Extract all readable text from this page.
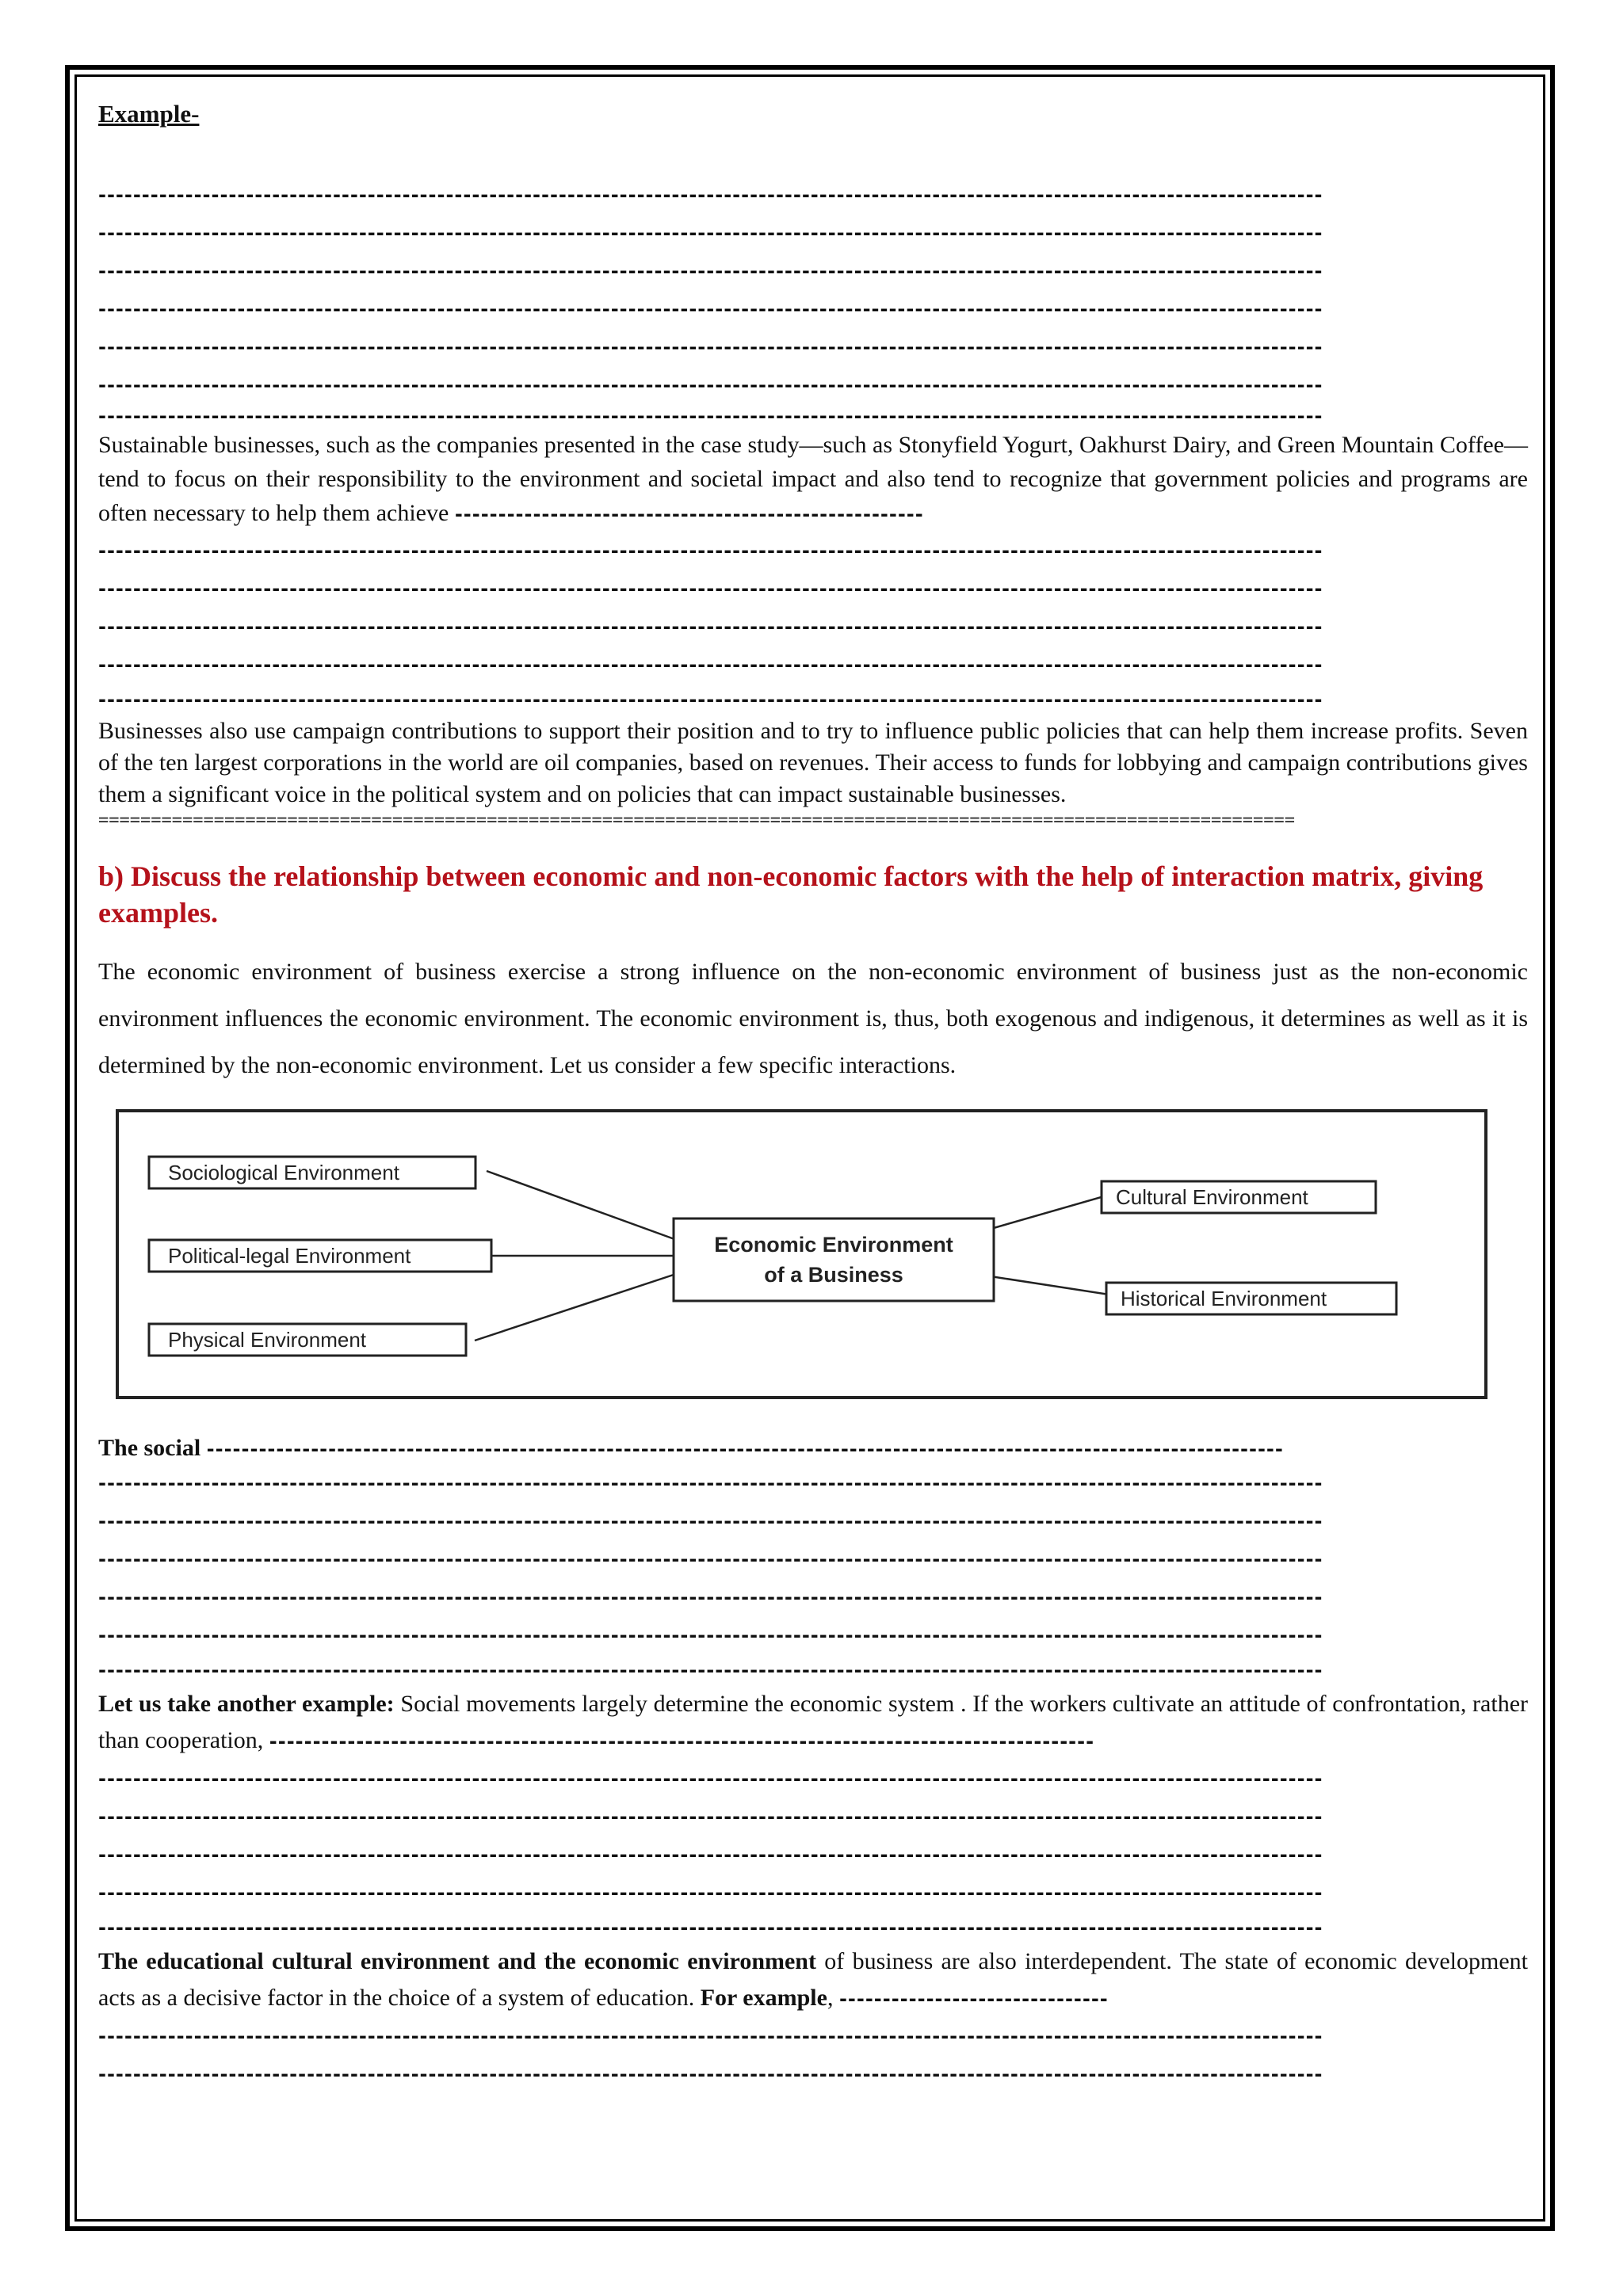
Example-

---------------------------------------------------------------------------------------------------------------------------------------------
---------------------------------------------------------------------------------------------------------------------------------------------
---------------------------------------------------------------------------------------------------------------------------------------------
---------------------------------------------------------------------------------------------------------------------------------------------
---------------------------------------------------------------------------------------------------------------------------------------------
---------------------------------------------------------------------------------------------------------------------------------------------
---------------------------------------------------------------------------------------------------------------------------------------------

Sustainable businesses, such as the companies presented in the case study—such as Stonyfield Yogurt, Oakhurst Dairy, and Green Mountain Coffee—tend to focus on their responsibility to the environment and societal impact and also tend to recognize that government policies and programs are often necessary to help them achieve ------------------------------------------------------

---------------------------------------------------------------------------------------------------------------------------------------------
---------------------------------------------------------------------------------------------------------------------------------------------
---------------------------------------------------------------------------------------------------------------------------------------------
---------------------------------------------------------------------------------------------------------------------------------------------
---------------------------------------------------------------------------------------------------------------------------------------------

Businesses also use campaign contributions to support their position and to try to influence public policies that can help them increase profits. Seven of the ten largest corporations in the world are oil companies, based on revenues. Their access to funds for lobbying and campaign contributions gives them a significant voice in the political system and on policies that can impact sustainable businesses.

==================================================================================================================

b) Discuss the relationship between economic and non-economic factors with the help of interaction matrix, giving examples.

The economic environment of business exercise a strong influence on the non-economic environment of business just as the non-economic environment influences the economic environment. The economic environment is, thus, both exogenous and indigenous, it determines as well as it is determined by the non-economic environment. Let us consider a few specific interactions.

Sociological Environment
Political-legal Environment
Physical Environment
Economic Environment
of a Business
Cultural Environment
Historical Environment
The social ----------------------------------------------------------------------------------------------------------------------------
---------------------------------------------------------------------------------------------------------------------------------------------
---------------------------------------------------------------------------------------------------------------------------------------------
---------------------------------------------------------------------------------------------------------------------------------------------
---------------------------------------------------------------------------------------------------------------------------------------------
---------------------------------------------------------------------------------------------------------------------------------------------
---------------------------------------------------------------------------------------------------------------------------------------------

Let us take another example: Social movements largely determine the economic system . If the workers cultivate an attitude of confrontation, rather than cooperation, -----------------------------------------------------------------------------------------------

---------------------------------------------------------------------------------------------------------------------------------------------
---------------------------------------------------------------------------------------------------------------------------------------------
---------------------------------------------------------------------------------------------------------------------------------------------
---------------------------------------------------------------------------------------------------------------------------------------------
---------------------------------------------------------------------------------------------------------------------------------------------

The educational cultural environment and the economic environment of business are also interdependent. The state of economic development acts as a decisive factor in the choice of a system of education. For example, -------------------------------

---------------------------------------------------------------------------------------------------------------------------------------------
---------------------------------------------------------------------------------------------------------------------------------------------
